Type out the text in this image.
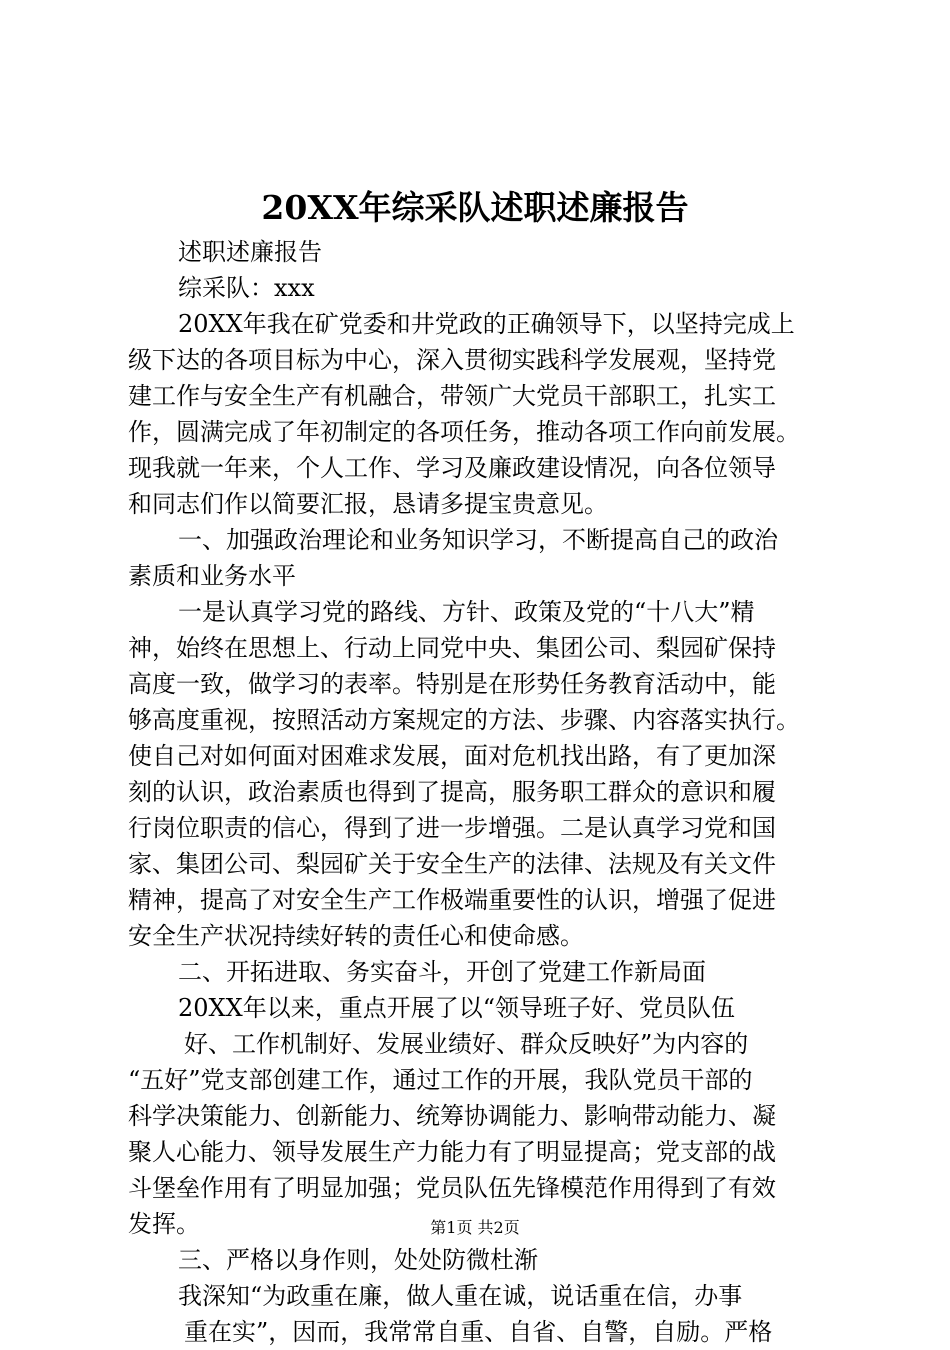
20XX年综采队述职述廉报告
述职述廉报告
综采队：xxx
20XX年我在矿党委和井党政的正确领导下，以坚持完成上
级下达的各项目标为中心，深入贯彻实践科学发展观，坚持党
建工作与安全生产有机融合，带领广大党员干部职工，扎实工
作，圆满完成了年初制定的各项任务，推动各项工作向前发展。
现我就一年来，个人工作、学习及廉政建设情况，向各位领导
和同志们作以简要汇报，恳请多提宝贵意见。
一、加强政治理论和业务知识学习，不断提高自己的政治
素质和业务水平
一是认真学习党的路线、方针、政策及党的“十八大”精
神，始终在思想上、行动上同党中央、集团公司、梨园矿保持
高度一致，做学习的表率。特别是在形势任务教育活动中，能
够高度重视，按照活动方案规定的方法、步骤、内容落实执行。
使自己对如何面对困难求发展，面对危机找出路，有了更加深
刻的认识，政治素质也得到了提高，服务职工群众的意识和履
行岗位职责的信心，得到了进一步增强。二是认真学习党和国
家、集团公司、梨园矿关于安全生产的法律、法规及有关文件
精神，提高了对安全生产工作极端重要性的认识，增强了促进
安全生产状况持续好转的责任心和使命感。
二、开拓进取、务实奋斗，开创了党建工作新局面
20XX年以来，重点开展了以“领导班子好、党员队伍
好、工作机制好、发展业绩好、群众反映好”为内容的
“五好”党支部创建工作，通过工作的开展，我队党员干部的
科学决策能力、创新能力、统筹协调能力、影响带动能力、凝
聚人心能力、领导发展生产力能力有了明显提高；党支部的战
斗堡垒作用有了明显加强；党员队伍先锋模范作用得到了有效
发挥。
三、严格以身作则，处处防微杜渐
我深知“为政重在廉，做人重在诚，说话重在信，办事
重在实”，因而，我常常自重、自省、自警，自励。严格
第1页 共2页
